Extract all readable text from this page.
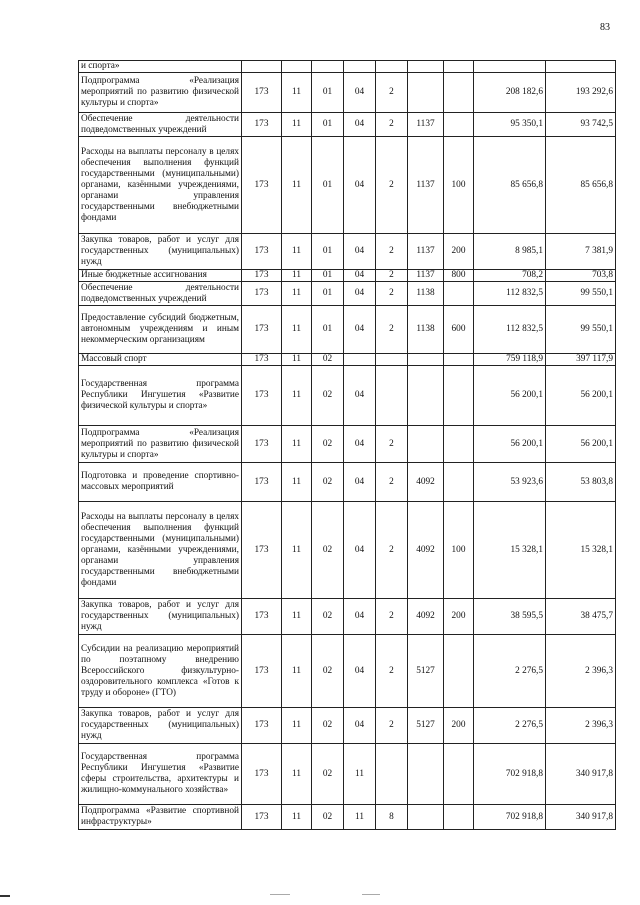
83
и спорта»									
Подпрограмма «Реализация мероприятий по развитию физической культуры и спорта»	173	11	01	04	2			208 182,6	193 292,6
Обеспечение деятельности подведомственных учреждений	173	11	01	04	2	1137		95 350,1	93 742,5
Расходы на выплаты персоналу в целях обеспечения выполнения функций государственными (муниципальными) органами, казёнными учреждениями, органами управления государственными внебюджетными фондами	173	11	01	04	2	1137	100	85 656,8	85 656,8
Закупка товаров, работ и услуг для государственных (муниципальных) нужд	173	11	01	04	2	1137	200	8 985,1	7 381,9
Иные бюджетные ассигнования	173	11	01	04	2	1137	800	708,2	703,8
Обеспечение деятельности подведомственных учреждений	173	11	01	04	2	1138		112 832,5	99 550,1
Предоставление субсидий бюджетным, автономным учреждениям и иным некоммерческим организациям	173	11	01	04	2	1138	600	112 832,5	99 550,1
Массовый спорт	173	11	02					759 118,9	397 117,9
Государственная программа Республики Ингушетия «Развитие физической культуры и спорта»	173	11	02	04				56 200,1	56 200,1
Подпрограмма «Реализация мероприятий по развитию физической культуры и спорта»	173	11	02	04	2			56 200,1	56 200,1
Подготовка и проведение спортивно-массовых мероприятий	173	11	02	04	2	4092		53 923,6	53 803,8
Расходы на выплаты персоналу в целях обеспечения выполнения функций государственными (муниципальными) органами, казёнными учреждениями, органами управления государственными внебюджетными фондами	173	11	02	04	2	4092	100	15 328,1	15 328,1
Закупка товаров, работ и услуг для государственных (муниципальных) нужд	173	11	02	04	2	4092	200	38 595,5	38 475,7
Субсидии на реализацию мероприятий по поэтапному внедрению Всероссийского физкультурно-оздоровительного комплекса «Готов к труду и обороне» (ГТО)	173	11	02	04	2	5127		2 276,5	2 396,3
Закупка товаров, работ и услуг для государственных (муниципальных) нужд	173	11	02	04	2	5127	200	2 276,5	2 396,3
Государственная программа Республики Ингушетия «Развитие сферы строительства, архитектуры и жилищно-коммунального хозяйства»	173	11	02	11				702 918,8	340 917,8
Подпрограмма «Развитие спортивной инфраструктуры»	173	11	02	11	8			702 918,8	340 917,8
